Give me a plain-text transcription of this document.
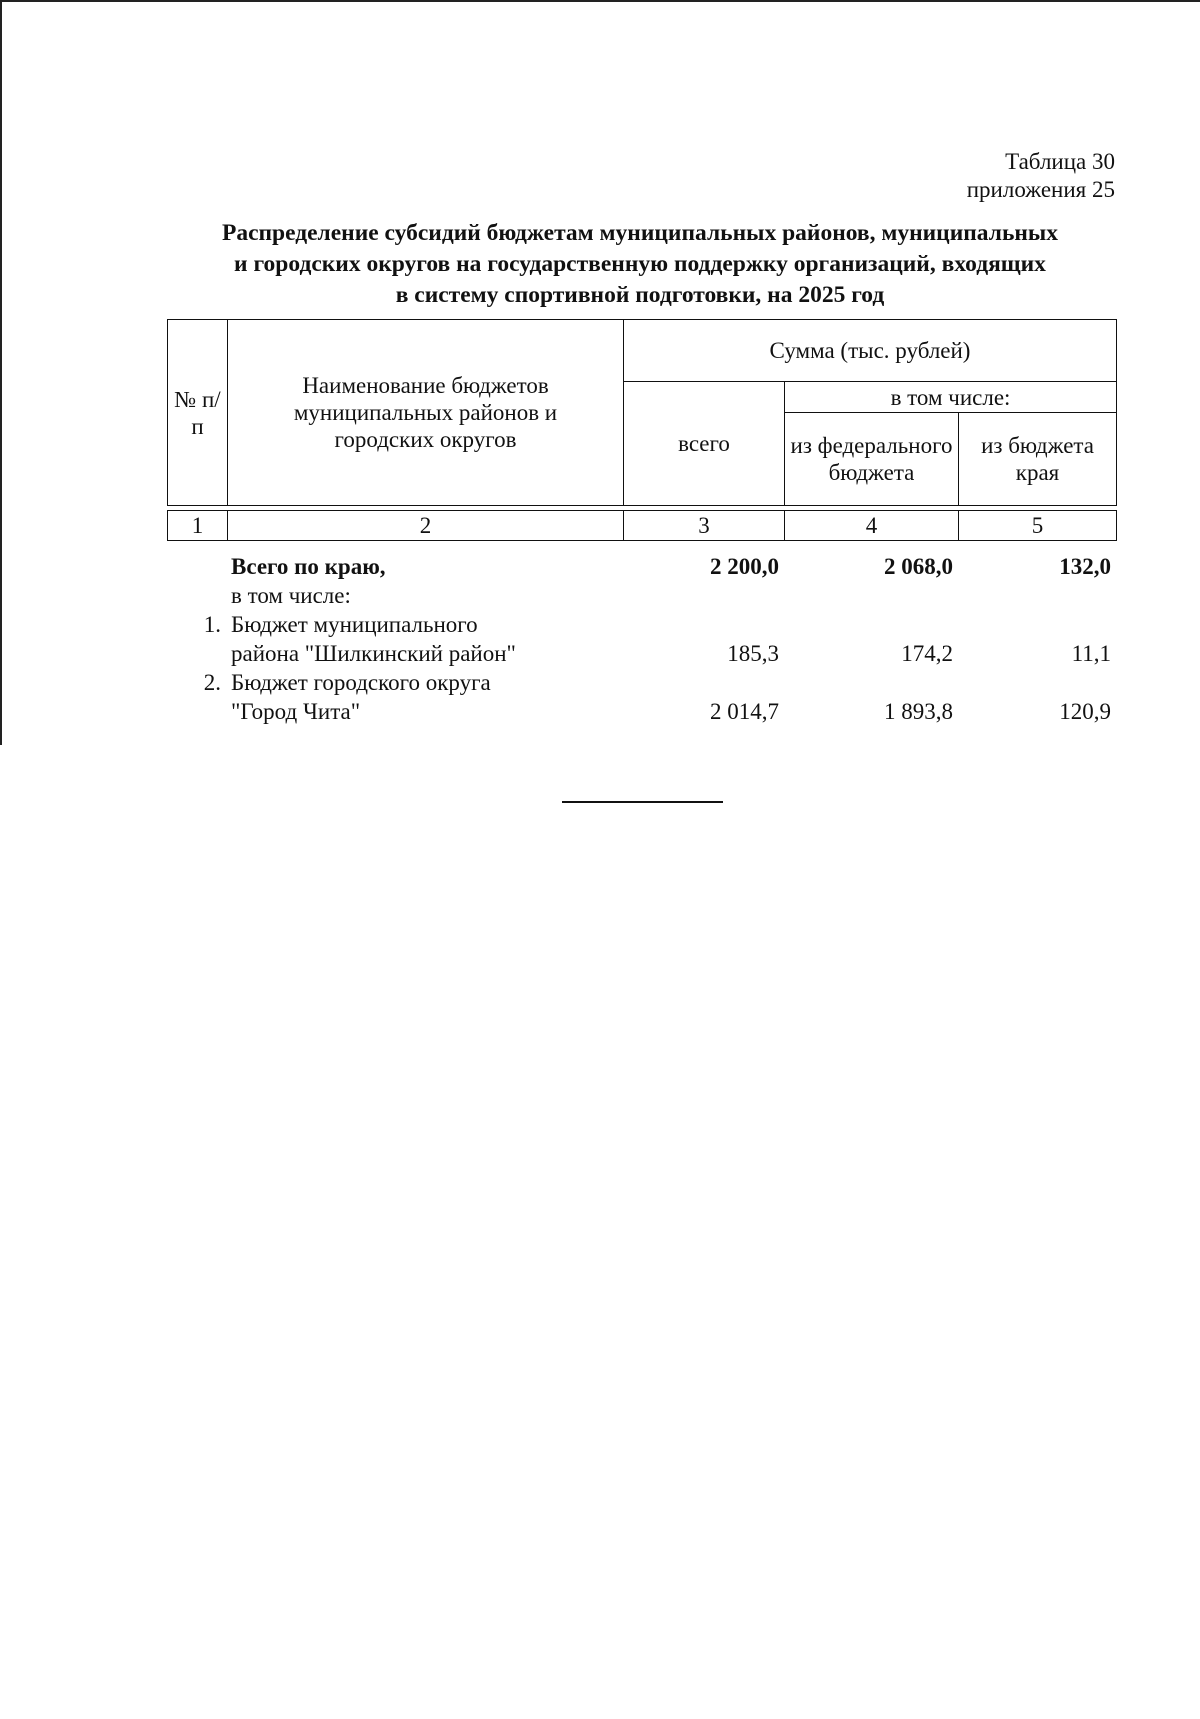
Таблица 30
приложения 25
Распределение субсидий бюджетам муниципальных районов, муниципальных
и городских округов на государственную поддержку организаций, входящих
в систему спортивной подготовки, на 2025 год
№ п/п	Наименование бюджетов муниципальных районов и городских округов	Сумма (тыс. рублей)		
		всего	в том числе:	
			из федерального бюджета	из бюджета края

1	2	3	4	5
	Всего по краю,	2 200,0	2 068,0	132,0
	в том числе:			
1.	Бюджет муниципального
района "Шилкинский район"	185,3	174,2	11,1
2.	Бюджет городского округа
"Город Чита"	2 014,7	1 893,8	120,9
